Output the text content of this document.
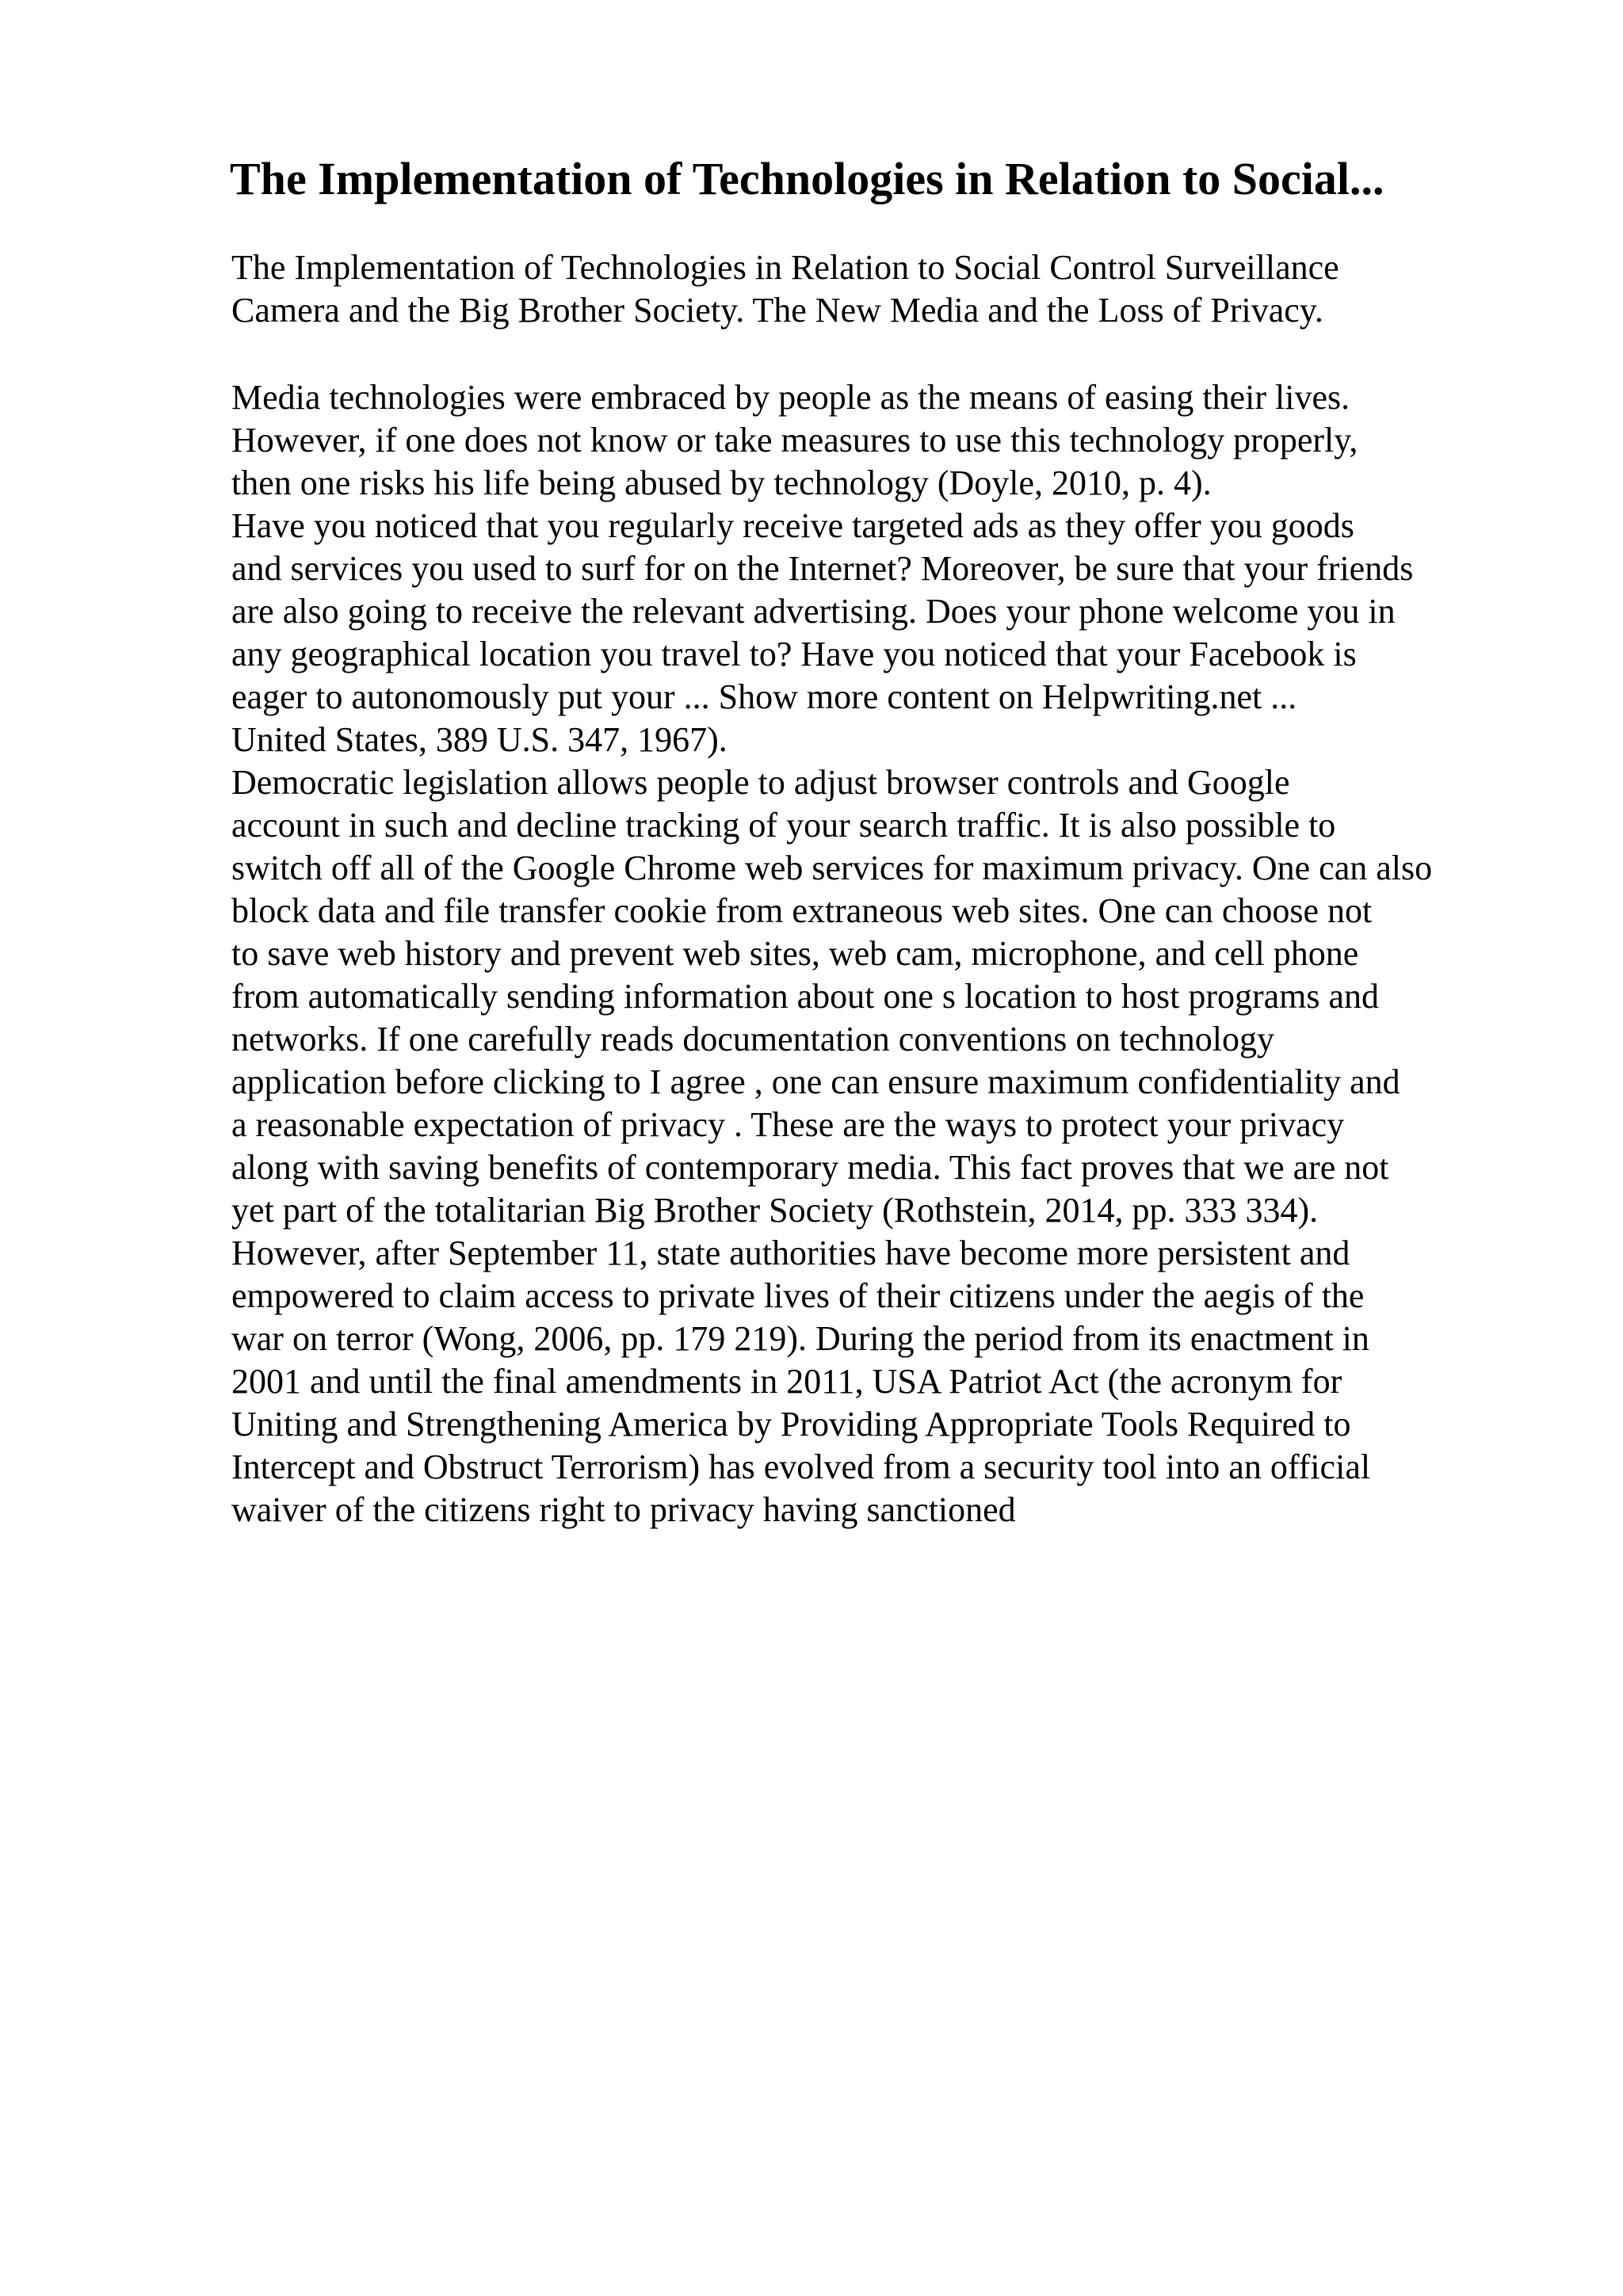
The Implementation of Technologies in Relation to Social...
The Implementation of Technologies in Relation to Social Control Surveillance
Camera and the Big Brother Society. The New Media and the Loss of Privacy.
Media technologies were embraced by people as the means of easing their lives.
However, if one does not know or take measures to use this technology properly,
then one risks his life being abused by technology (Doyle, 2010, p. 4).
Have you noticed that you regularly receive targeted ads as they offer you goods
and services you used to surf for on the Internet? Moreover, be sure that your friends
are also going to receive the relevant advertising. Does your phone welcome you in
any geographical location you travel to? Have you noticed that your Facebook is
eager to autonomously put your ... Show more content on Helpwriting.net ...
United States, 389 U.S. 347, 1967).
Democratic legislation allows people to adjust browser controls and Google
account in such and decline tracking of your search traffic. It is also possible to
switch off all of the Google Chrome web services for maximum privacy. One can also
block data and file transfer cookie from extraneous web sites. One can choose not
to save web history and prevent web sites, web cam, microphone, and cell phone
from automatically sending information about one s location to host programs and
networks. If one carefully reads documentation conventions on technology
application before clicking to I agree , one can ensure maximum confidentiality and
a reasonable expectation of privacy . These are the ways to protect your privacy
along with saving benefits of contemporary media. This fact proves that we are not
yet part of the totalitarian Big Brother Society (Rothstein, 2014, pp. 333 334).
However, after September 11, state authorities have become more persistent and
empowered to claim access to private lives of their citizens under the aegis of the
war on terror (Wong, 2006, pp. 179 219). During the period from its enactment in
2001 and until the final amendments in 2011, USA Patriot Act (the acronym for
Uniting and Strengthening America by Providing Appropriate Tools Required to
Intercept and Obstruct Terrorism) has evolved from a security tool into an official
waiver of the citizens right to privacy having sanctioned
